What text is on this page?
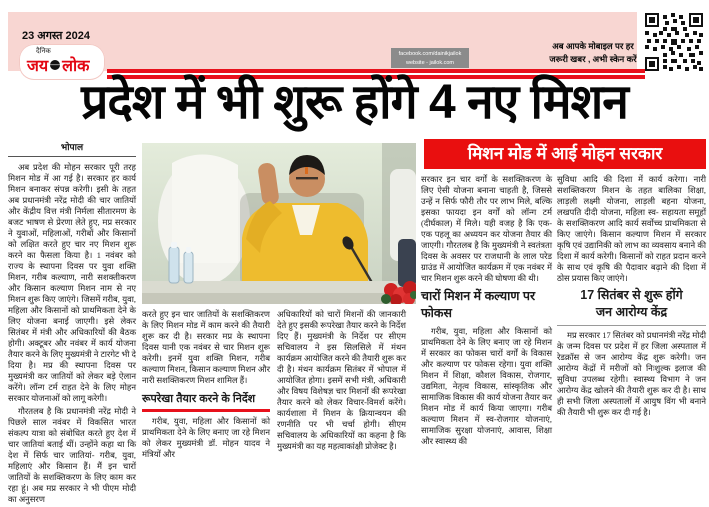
23 अगस्त 2024
दैनिक
जय लोक
facebook.com/dainikjailok
website - jailok.com
अब आपके मोबाइल पर हर
जरूरी खबर , अभी स्केन करें
प्रदेश में भी शुरू होंगे 4 नए मिशन
भोपाल

अब प्रदेश की मोहन सरकार पूरी तरह मिशन मोड में आ गई है। सरकार हर कार्य मिशन बनाकर संपन्न करेगी। इसी के तहत अब प्रधानमंत्री नरेंद्र मोदी की चार जातियों और केंद्रीय वित्त मंत्री निर्मला सीतारमण के बजट भाषण से प्रेरणा लेते हुए, मप्र सरकार ने युवाओं, महिलाओं, गरीबों और किसानों को लक्षित करते हुए चार नए मिशन शुरू करने का फैसला किया है। 1 नवंबर को राज्य के स्थापना दिवस पर युवा शक्ति मिशन, गरीब कल्याण, नारी सशक्तीकरण और किसान कल्याण मिशन नाम से नए मिशन शुरू किए जाएंगे। जिसमें गरीब, युवा, महिला और किसानों को प्राथमिकता देने के लिए योजना बनाई जाएगी। इसे लेकर सितंबर में मंत्री और अधिकारियों की बैठक होगी। अक्टूबर और नवंबर में कार्य योजना तैयार करने के लिए मुख्यमंत्री ने टारगेट भी दे दिया है। मप्र की स्थापना दिवस पर मुख्यमंत्री कर जातियों को लेकर बड़े ऐलान करेंगे। लॉन्ग टर्म राहत देने के लिए मोहन सरकार योजनाओं को लागू करेगी।

गौरतलब है कि प्रधानमंत्री नरेंद्र मोदी ने पिछले साल नवंबर में विकसित भारत संकल्प यात्रा को संबोधित करते हुए देश में चार जातियां बताई थीं। उन्होंने कहा था कि देश में सिर्फ चार जातियां- गरीब, युवा, महिलाएं और किसान हैं। मैं इन चारों जातियों के सशक्तिकरण के लिए काम कर रहा हूं। अब मप्र सरकार ने भी पीएम मोदी का अनुसरण

मिशन मोड में आई मोहन सरकार

करते हुए इन चार जातियों के सशक्तिकरण के लिए मिशन मोड में काम करने की तैयारी शुरू कर दी है। सरकार मप्र के स्थापना दिवस यानी एक नवंबर से चार मिशन शुरू करेगी। इनमें युवा शक्ति मिशन, गरीब कल्याण मिशन, किसान कल्याण मिशन और नारी सशक्तिकरण मिशन शामिल हैं।

रूपरेखा तैयार करने के निर्देश

गरीब, युवा, महिला और किसानों को प्राथमिकता देने के लिए बनाए जा रहे मिशन को लेकर मुख्यमंत्री डॉ. मोहन यादव ने मंत्रियों और

अधिकारियों को चारों मिशनों की जानकारी देते हुए इसकी रूपरेखा तैयार करने के निर्देश दिए हैं। मुख्यमंत्री के निर्देश पर सीएम सचिवालय ने इस सिलसिले में मंथन कार्यक्रम आयोजित करने की तैयारी शुरू कर दी है। मंथन कार्यक्रम सितंबर में भोपाल में आयोजित होगा। इसमें सभी मंत्री, अधिकारी और विषय विशेषज्ञ चार मिशनों की रूपरेखा तैयार करने को लेकर विचार-विमर्श करेंगे। कार्यशाला में मिशन के क्रियान्वयन की रणनीति पर भी चर्चा होगी। सीएम सचिवालय के अधिकारियों का कहना है कि मुख्यमंत्री का यह महत्वाकांक्षी प्रोजेक्ट है।

सरकार इन चार वर्गों के सशक्तिकरण के लिए ऐसी योजना बनाना चाहती है, जिससे उन्हें न सिर्फ फौरी तौर पर लाभ मिले, बल्कि इसका फायदा इन वर्गों को लॉन्ग टर्म (दीर्घकाल) में मिले। यही वजह है कि एक-एक पहलू का अध्ययन कर योजना तैयार की जाएगी। गौरतलब है कि मुख्यमंत्री ने स्वतंत्रता दिवस के अवसर पर राजधानी के लाल परेड ग्राउंड में आयोजित कार्यक्रम में एक नवंबर में चार मिशन शुरू करने की घोषणा की थी।

चारों मिशन में कल्याण पर फोकस

गरीब, युवा, महिला और किसानों को प्राथमिकता देने के लिए बनाए जा रहे मिशन में सरकार का फोकस चारों वर्गों के विकास और कल्याण पर फोकस रहेगा। युवा शक्ति मिशन में शिक्षा, कौशल विकास, रोजगार, उद्यमिता, नेतृत्व विकास, सांस्कृतिक और सामाजिक विकास की कार्य योजना तैयार कर मिशन मोड में कार्य किया जाएगा। गरीब कल्याण मिशन में स्व-रोजगार योजनाएं, सामाजिक सुरक्षा योजनाएं, आवास, शिक्षा और स्वास्थ्य की

सुविधा आदि की दिशा में कार्य करेगा। नारी सशक्तिकरण मिशन के तहत बालिका शिक्षा, लाड़ली लक्ष्मी योजना, लाड़ली बहना योजना, लखपति दीदी योजना, महिला स्व- सहायता समूहों के सशक्तिकरण आदि कार्य सर्वोच्च प्राथमिकता से किए जाएंगे। किसान कल्याण मिशन में सरकार कृषि एवं उद्यानिकी को लाभ का व्यवसाय बनाने की दिशा में कार्य करेगी। किसानों को राहत प्रदान करने के साथ एवं कृषि की पैदावार बढ़ाने की दिशा में ठोस प्रयास किए जाएंगे।

17 सितंबर से शुरू होंगे
जन आरोग्य केंद्र

मप्र सरकार 17 सितंबर को प्रधानमंत्री नरेंद्र मोदी के जन्म दिवस पर प्रदेश में हर जिला अस्पताल में रेडक्रॉस से जन आरोग्य केंद्र शुरू करेगी। जन आरोग्य केंद्रों में मरीजों को निःशुल्क इलाज की सुविधा उपलब्ध रहेगी। स्वास्थ्य विभाग ने जन आरोग्य केंद्र खोलने की तैयारी शुरू कर दी है। साथ ही सभी जिला अस्पतालों में आयुष विंग भी बनाने की तैयारी भी शुरू कर दी गई है।
